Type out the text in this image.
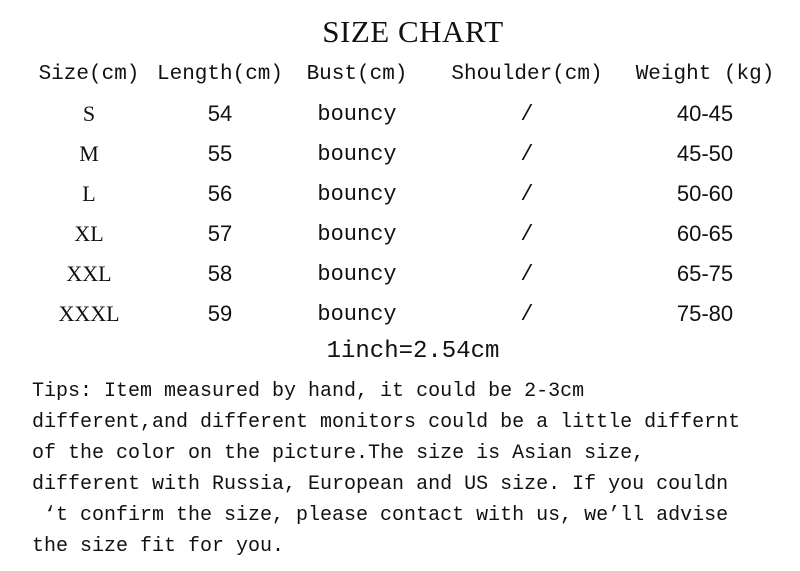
SIZE CHART
Size(cm)	Length(cm)	Bust(cm)	Shoulder(cm)	Weight (kg)
S	54	bouncy	/	40-45
M	55	bouncy	/	45-50
L	56	bouncy	/	50-60
XL	57	bouncy	/	60-65
XXL	58	bouncy	/	65-75
XXXL	59	bouncy	/	75-80
1inch=2.54cm
Tips: Item measured by hand, it could be 2-3cm
different,and different monitors could be a little differnt
of the color on the picture.The size is Asian size,
different with Russia, European and US size. If you couldn
‘t confirm the size, please contact with us, we’ll advise
the size fit for you.
